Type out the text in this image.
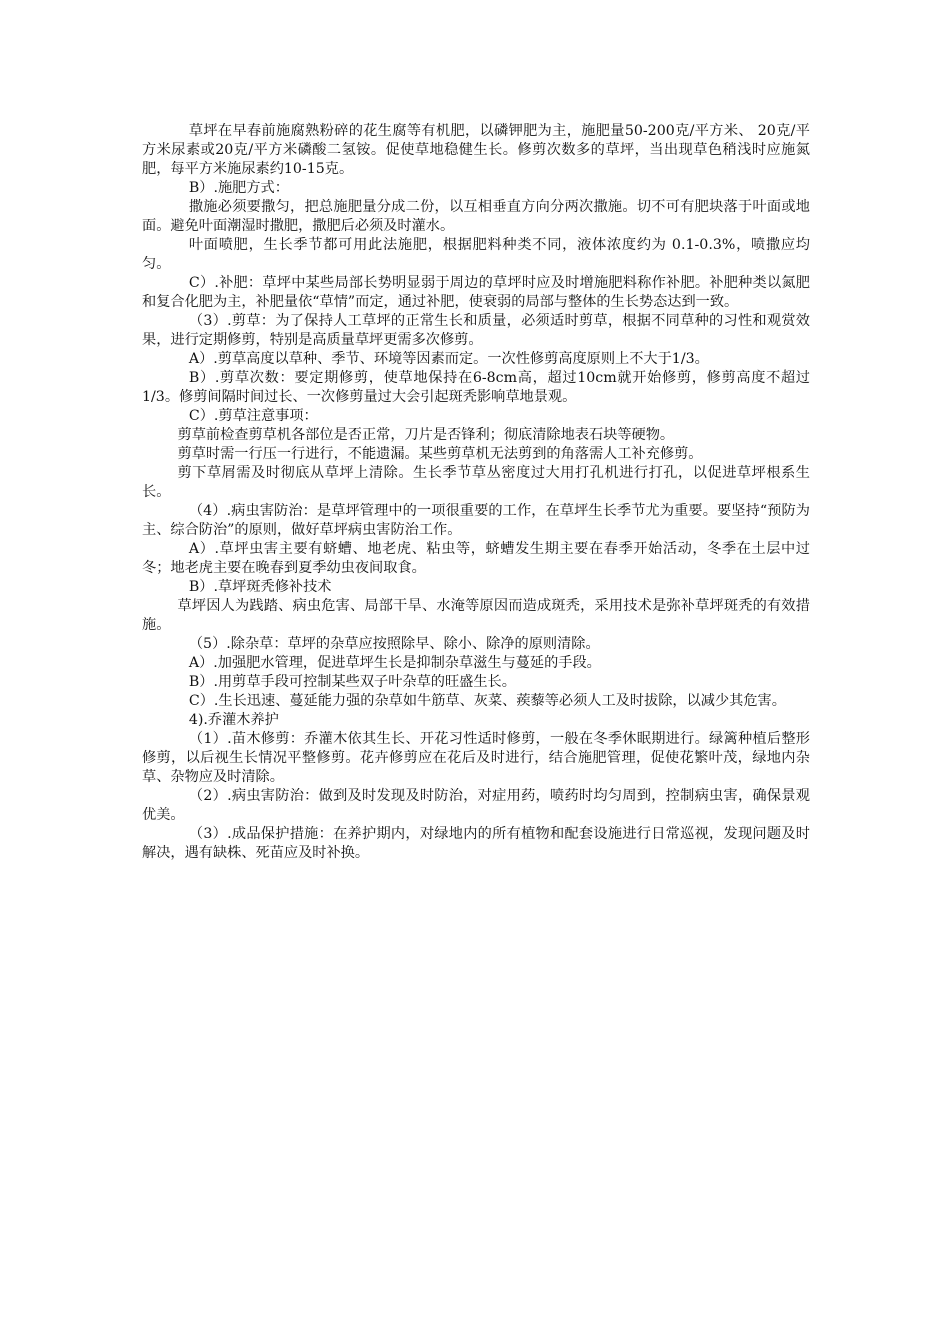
草坪在早春前施腐熟粉碎的花生腐等有机肥，以磷钾肥为主，施肥量50-200克/平方米、 20克/平方米尿素或20克/平方米磷酸二氢铵。促使草地稳健生长。修剪次数多的草坪，当出现草色稍浅时应施氮肥，每平方米施尿素约10-15克。

B）.施肥方式：

撒施必须要撒匀，把总施肥量分成二份，以互相垂直方向分两次撒施。切不可有肥块落于叶面或地面。避免叶面潮湿时撒肥，撒肥后必须及时灌水。

叶面喷肥，生长季节都可用此法施肥，根据肥料种类不同，液体浓度约为 0.1-0.3%，喷撒应均匀。

C）.补肥：草坪中某些局部长势明显弱于周边的草坪时应及时增施肥料称作补肥。补肥种类以氮肥和复合化肥为主，补肥量依“草情”而定，通过补肥，使衰弱的局部与整体的生长势态达到一致。

（3）.剪草：为了保持人工草坪的正常生长和质量，必须适时剪草，根据不同草种的习性和观赏效果，进行定期修剪，特别是高质量草坪更需多次修剪。

A）.剪草高度以草种、季节、环境等因素而定。一次性修剪高度原则上不大于1/3。

B）.剪草次数：要定期修剪，使草地保持在6-8cm高，超过10cm就开始修剪，修剪高度不超过1/3。修剪间隔时间过长、一次修剪量过大会引起斑秃影响草地景观。

C）.剪草注意事项：

剪草前检查剪草机各部位是否正常，刀片是否锋利；彻底清除地表石块等硬物。

剪草时需一行压一行进行，不能遗漏。某些剪草机无法剪到的角落需人工补充修剪。

剪下草屑需及时彻底从草坪上清除。生长季节草丛密度过大用打孔机进行打孔，以促进草坪根系生长。

（4）.病虫害防治：是草坪管理中的一项很重要的工作，在草坪生长季节尤为重要。要坚持“预防为主、综合防治”的原则，做好草坪病虫害防治工作。

A）.草坪虫害主要有蛴螬、地老虎、粘虫等，蛴螬发生期主要在春季开始活动，冬季在土层中过冬；地老虎主要在晚春到夏季幼虫夜间取食。

B）.草坪斑秃修补技术

草坪因人为践踏、病虫危害、局部干旱、水淹等原因而造成斑秃，采用技术是弥补草坪斑秃的有效措施。

（5）.除杂草：草坪的杂草应按照除早、除小、除净的原则清除。

A）.加强肥水管理，促进草坪生长是抑制杂草滋生与蔓延的手段。

B）.用剪草手段可控制某些双子叶杂草的旺盛生长。

C）.生长迅速、蔓延能力强的杂草如牛筋草、灰菜、蒺藜等必须人工及时拔除，以减少其危害。

4).乔灌木养护

（1）.苗木修剪：乔灌木依其生长、开花习性适时修剪，一般在冬季休眠期进行。绿篱种植后整形修剪，以后视生长情况平整修剪。花卉修剪应在花后及时进行，结合施肥管理，促使花繁叶茂，绿地内杂草、杂物应及时清除。

（2）.病虫害防治：做到及时发现及时防治，对症用药，喷药时均匀周到，控制病虫害，确保景观优美。

（3）.成品保护措施：在养护期内，对绿地内的所有植物和配套设施进行日常巡视，发现问题及时解决，遇有缺株、死苗应及时补换。
